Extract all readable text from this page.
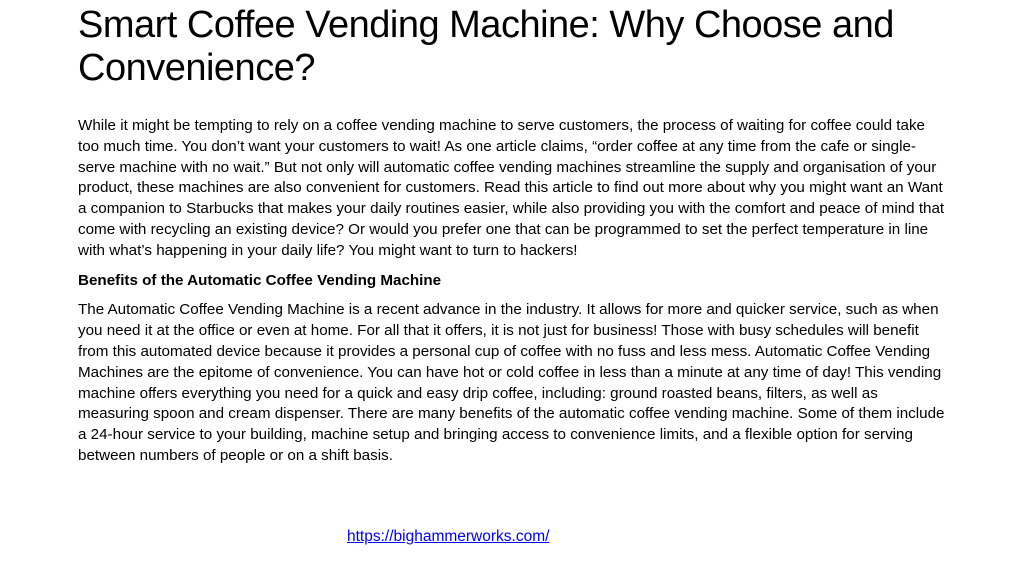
Smart Coffee Vending Machine: Why Choose and Convenience?

While it might be tempting to rely on a coffee vending machine to serve customers, the process of waiting for coffee could take too much time. You don’t want your customers to wait! As one article claims, “order coffee at any time from the cafe or single-serve machine with no wait.” But not only will automatic coffee vending machines streamline the supply and organisation of your product, these machines are also convenient for customers. Read this article to find out more about why you might want an Want a companion to Starbucks that makes your daily routines easier, while also providing you with the comfort and peace of mind that come with recycling an existing device? Or would you prefer one that can be programmed to set the perfect temperature in line with what’s happening in your daily life? You might want to turn to hackers!

Benefits of the Automatic Coffee Vending Machine

The Automatic Coffee Vending Machine is a recent advance in the industry. It allows for more and quicker service, such as when you need it at the office or even at home. For all that it offers, it is not just for business! Those with busy schedules will benefit from this automated device because it provides a personal cup of coffee with no fuss and less mess. Automatic Coffee Vending Machines are the epitome of convenience. You can have hot or cold coffee in less than a minute at any time of day! This vending machine offers everything you need for a quick and easy drip coffee, including: ground roasted beans, filters, as well as measuring spoon and cream dispenser. There are many benefits of the automatic coffee vending machine. Some of them include a 24-hour service to your building, machine setup and bringing access to convenience limits, and a flexible option for serving between numbers of people or on a shift basis.

https://bighammerworks.com/
